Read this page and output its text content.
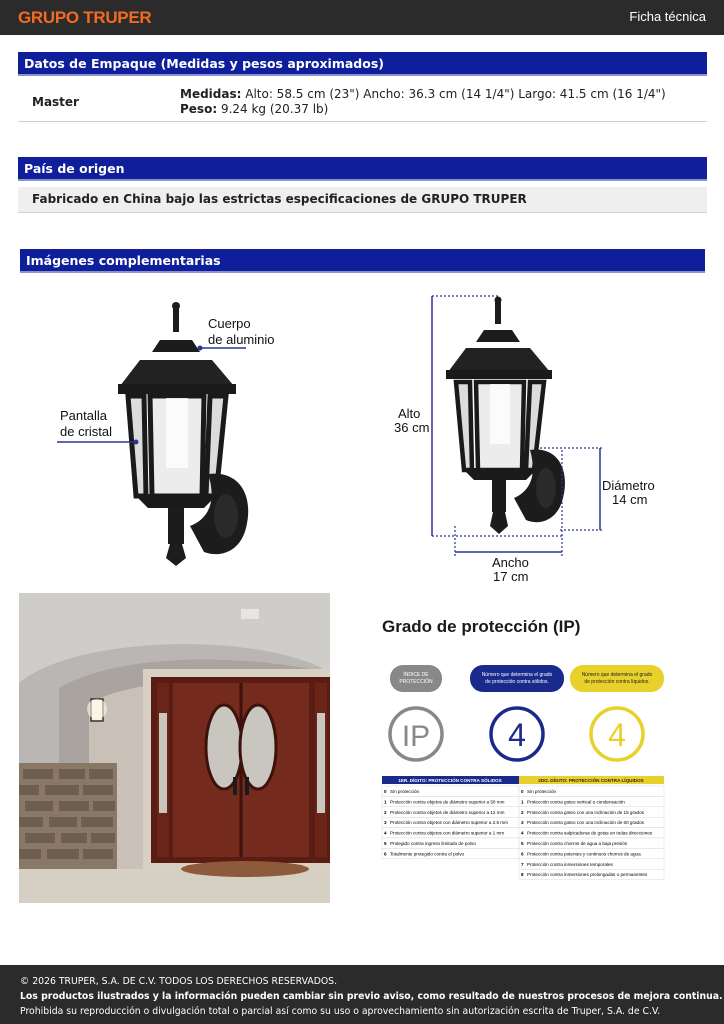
GRUPO TRUPER	Ficha técnica
Datos de Empaque (Medidas y pesos aproximados)
Master
Medidas: Alto: 58.5 cm (23") Ancho: 36.3 cm (14 1/4") Largo: 41.5 cm (16 1/4") Peso: 9.24 kg (20.37 lb)
País de origen
Fabricado en China bajo las estrictas especificaciones de GRUPO TRUPER
Imágenes complementarias
Cuerpo
de aluminio
Pantalla
de cristal
Alto
36 cm
Diámetro
14 cm
Ancho
17 cm
Grado de protección (IP)
ÍNDICE DE
PROTECCIÓN
Número que determina el grado
de protección contra sólidos.
Número que determina el grado
de protección contra líquidos.
IP 4	4
1ER. DÍGITO: PROTECCIÓN CONTRA SÓLIDOS	2DO. DÍGITO: PROTECCIÓN CONTRA LÍQUIDOS
0 Sin protección
1 Protección contra objetos de diámetro superior a 50 mm
2 Protección contra objetos de diámetro superior a 12 mm
3 Protección contra objetos con diámetro superior a 2.5 mm
4 Protección contra objetos con diámetro superior a 1 mm
5 Protegido contra ingreso limitado de polvo
6 Totalmente protegido contra el polvo
0 Sin protección
1 Protección contra goteo vertical o condensación
2 Protección contra goteo con una inclinación de 15 grados
3 Protección contra goteo con una inclinación de 60 grados
4 Protección contra salpicaduras de gotas en todas direcciones
5 Protección contra chorros de agua a baja presión
6 Protección contra potentes y continuos chorros de agua
7 Protección contra inmersiones temporales
8 Protección contra inmersiones prolongadas o permanentes
© 2026 TRUPER, S.A. DE C.V. TODOS LOS DERECHOS RESERVADOS.
Los productos ilustrados y la información pueden cambiar sin previo aviso, como resultado de nuestros procesos de mejora continua.
Prohibida su reproducción o divulgación total o parcial así como su uso o aprovechamiento sin autorización escrita de Truper, S.A. de C.V.
